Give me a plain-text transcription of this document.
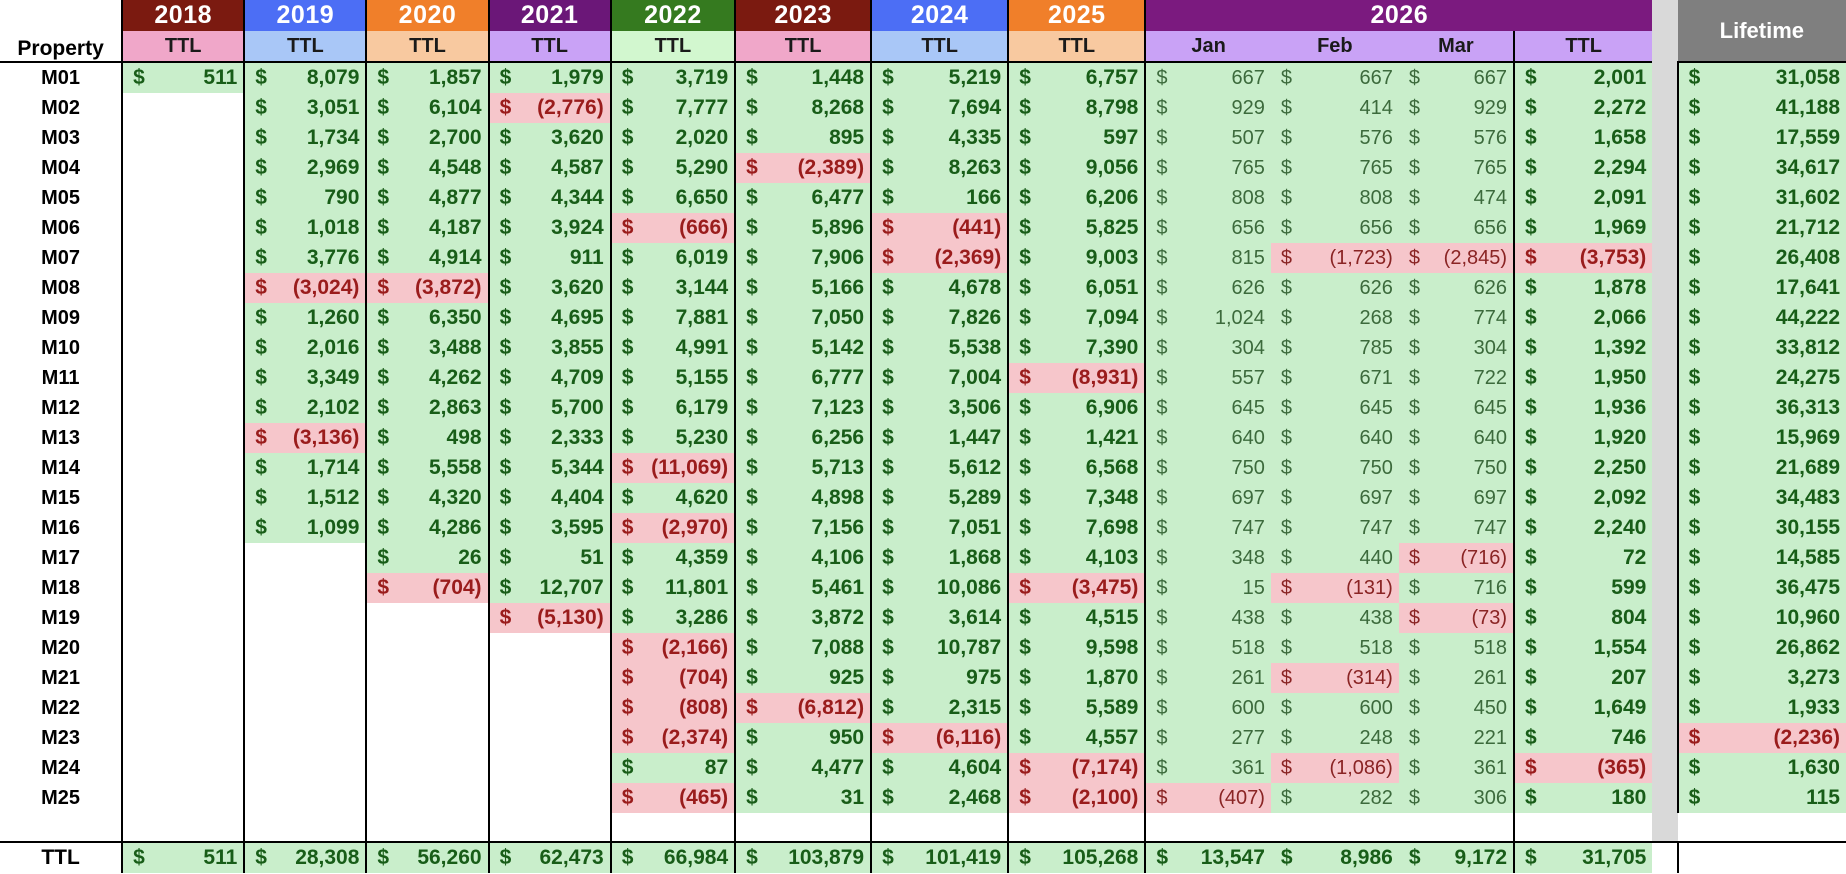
Property	2018	2019	2020	2021	2022	2023	2024	2025	2026					Lifetime
	TTL	TTL	TTL	TTL	TTL	TTL	TTL	TTL	Jan	Feb	Mar	TTL		
M01	$ 511	$ 8,079	$ 1,857	$ 1,979	$ 3,719	$ 1,448	$ 5,219	$ 6,757	$ 667	$ 667	$ 667	$ 2,001		$ 31,058

M02		$ 3,051	$ 6,104	$ (2,776)	$ 7,777	$ 8,268	$ 7,694	$ 8,798	$ 929	$ 414	$ 929	$ 2,272		$ 41,188

M03		$ 1,734	$ 2,700	$ 3,620	$ 2,020	$ 895	$ 4,335	$ 597	$ 507	$ 576	$ 576	$ 1,658		$ 17,559

M04		$ 2,969	$ 4,548	$ 4,587	$ 5,290	$ (2,389)	$ 8,263	$ 9,056	$ 765	$ 765	$ 765	$ 2,294		$ 34,617

M05		$ 790	$ 4,877	$ 4,344	$ 6,650	$ 6,477	$ 166	$ 6,206	$ 808	$ 808	$ 474	$ 2,091		$ 31,602

M06		$ 1,018	$ 4,187	$ 3,924	$ (666)	$ 5,896	$ (441)	$ 5,825	$ 656	$ 656	$ 656	$ 1,969		$ 21,712

M07		$ 3,776	$ 4,914	$ 911	$ 6,019	$ 7,906	$ (2,369)	$ 9,003	$ 815	$ (1,723)	$ (2,845)	$ (3,753)		$ 26,408

M08		$ (3,024)	$ (3,872)	$ 3,620	$ 3,144	$ 5,166	$ 4,678	$ 6,051	$ 626	$ 626	$ 626	$ 1,878		$ 17,641

M09		$ 1,260	$ 6,350	$ 4,695	$ 7,881	$ 7,050	$ 7,826	$ 7,094	$ 1,024	$ 268	$ 774	$ 2,066		$ 44,222

M10		$ 2,016	$ 3,488	$ 3,855	$ 4,991	$ 5,142	$ 5,538	$ 7,390	$ 304	$ 785	$ 304	$ 1,392		$ 33,812

M11		$ 3,349	$ 4,262	$ 4,709	$ 5,155	$ 6,777	$ 7,004	$ (8,931)	$ 557	$ 671	$ 722	$ 1,950		$ 24,275

M12		$ 2,102	$ 2,863	$ 5,700	$ 6,179	$ 7,123	$ 3,506	$ 6,906	$ 645	$ 645	$ 645	$ 1,936		$ 36,313

M13		$ (3,136)	$ 498	$ 2,333	$ 5,230	$ 6,256	$ 1,447	$ 1,421	$ 640	$ 640	$ 640	$ 1,920		$ 15,969

M14		$ 1,714	$ 5,558	$ 5,344	$ (11,069)	$ 5,713	$ 5,612	$ 6,568	$ 750	$ 750	$ 750	$ 2,250		$ 21,689

M15		$ 1,512	$ 4,320	$ 4,404	$ 4,620	$ 4,898	$ 5,289	$ 7,348	$ 697	$ 697	$ 697	$ 2,092		$ 34,483

M16		$ 1,099	$ 4,286	$ 3,595	$ (2,970)	$ 7,156	$ 7,051	$ 7,698	$ 747	$ 747	$ 747	$ 2,240		$ 30,155

M17			$ 26	$ 51	$ 4,359	$ 4,106	$ 1,868	$ 4,103	$ 348	$ 440	$ (716)	$ 72		$ 14,585

M18			$ (704)	$ 12,707	$ 11,801	$ 5,461	$ 10,086	$ (3,475)	$ 15	$ (131)	$ 716	$ 599		$ 36,475

M19				$ (5,130)	$ 3,286	$ 3,872	$ 3,614	$ 4,515	$ 438	$ 438	$ (73)	$ 804		$ 10,960

M20					$ (2,166)	$ 7,088	$ 10,787	$ 9,598	$ 518	$ 518	$ 518	$ 1,554		$ 26,862

M21					$ (704)	$ 925	$ 975	$ 1,870	$ 261	$ (314)	$ 261	$ 207		$ 3,273

M22					$ (808)	$ (6,812)	$ 2,315	$ 5,589	$ 600	$ 600	$ 450	$ 1,649		$ 1,933

M23					$ (2,374)	$ 950	$ (6,116)	$ 4,557	$ 277	$ 248	$ 221	$ 746		$ (2,236)

M24					$ 87	$ 4,477	$ 4,604	$ (7,174)	$ 361	$ (1,086)	$ 361	$ (365)		$ 1,630

M25					$ (465)	$ 31	$ 2,468	$ (2,100)	$ (407)	$ 282	$ 306	$ 180		$ 115

TTL	$ 511	$ 28,308	$ 56,260	$ 62,473	$ 66,984	$ 103,879	$ 101,419	$ 105,268	$ 13,547	$ 8,986	$ 9,172	$ 31,705		
